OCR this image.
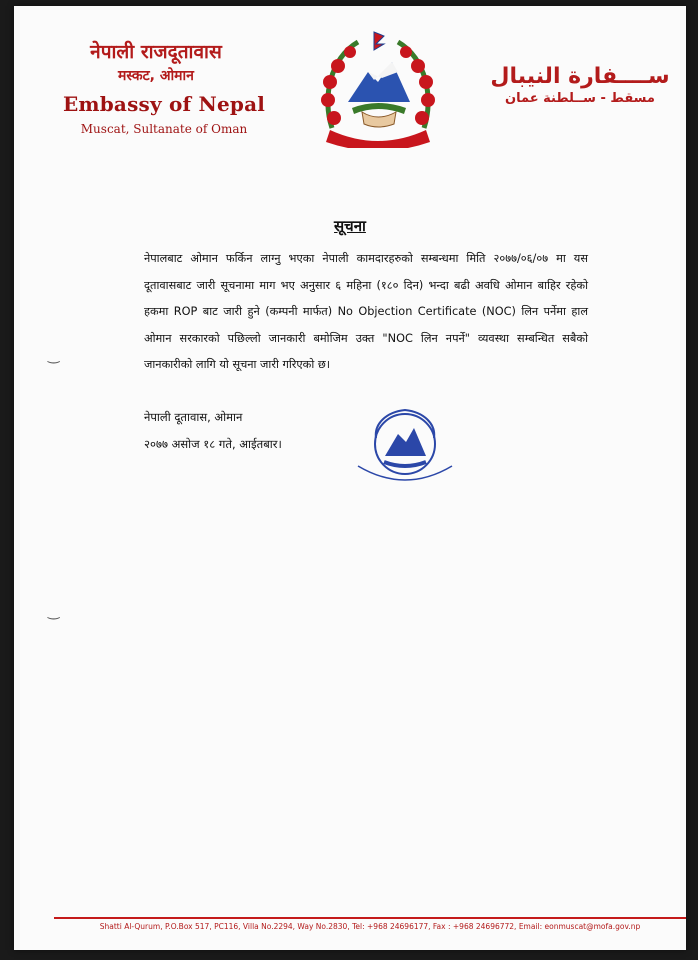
नेपाली राजदूतावास
मस्कट, ओमान
Embassy of Nepal
Muscat, Sultanate of Oman
ســــفارة النيبال
مسقط - ســلطنة عمان
सूचना
नेपालबाट ओमान फर्किन लाग्नु भएका नेपाली कामदारहरुको सम्बन्धमा मिति २०७७/०६/०७ मा यस दूतावासबाट जारी सूचनामा माग भए अनुसार ६ महिना (१८० दिन) भन्दा बढी अवधि ओमान बाहिर रहेको हकमा ROP बाट जारी हुने (कम्पनी मार्फत) No Objection Certificate (NOC) लिन पर्नेमा हाल ओमान सरकारको पछिल्लो जानकारी बमोजिम उक्त "NOC लिन नपर्ने" व्यवस्था सम्बन्धित सबैको जानकारीको लागि यो सूचना जारी गरिएको छ।
नेपाली दूतावास, ओमान
२०७७ असोज १८ गते, आईतबार।
‿
‿
Shatti Al-Qurum, P.O.Box 517, PC116, Villa No.2294, Way No.2830, Tel: +968 24696177, Fax : +968 24696772, Email: eonmuscat@mofa.gov.np
